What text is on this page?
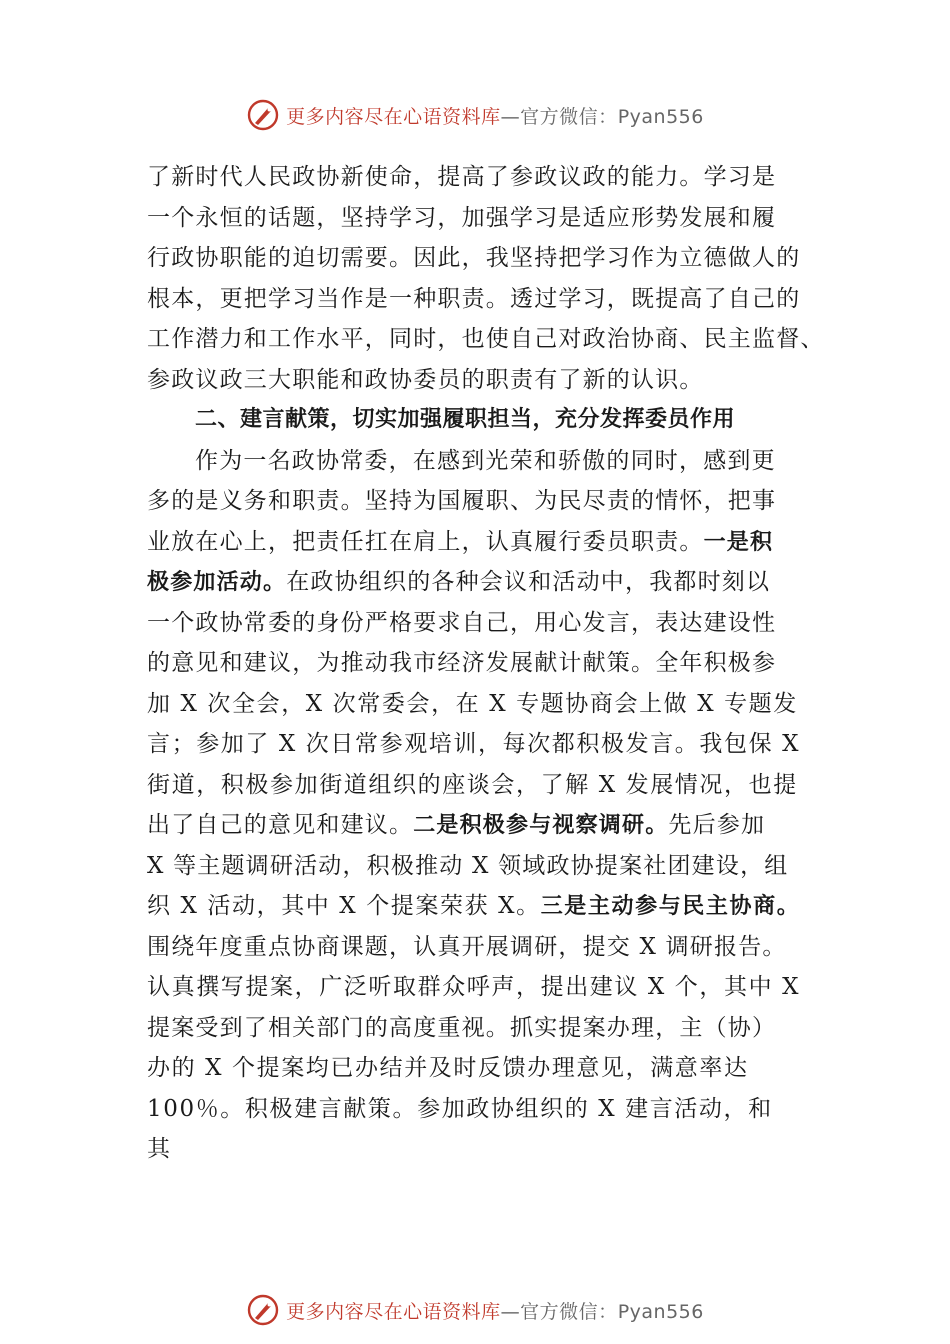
更多内容尽在心语资料库—官方微信：Pyan556
了新时代人民政协新使命，提高了参政议政的能力。学习是
一个永恒的话题，坚持学习，加强学习是适应形势发展和履
行政协职能的迫切需要。因此，我坚持把学习作为立德做人的
根本，更把学习当作是一种职责。透过学习，既提高了自己的
工作潜力和工作水平，同时，也使自己对政治协商、民主监督、
参政议政三大职能和政协委员的职责有了新的认识。
二、建言献策，切实加强履职担当，充分发挥委员作用
作为一名政协常委，在感到光荣和骄傲的同时，感到更
多的是义务和职责。坚持为国履职、为民尽责的情怀，把事
业放在心上，把责任扛在肩上，认真履行委员职责。一是积
极参加活动。在政协组织的各种会议和活动中，我都时刻以
一个政协常委的身份严格要求自己，用心发言，表达建设性
的意见和建议，为推动我市经济发展献计献策。全年积极参
加 X 次全会，X 次常委会，在 X 专题协商会上做 X 专题发
言；参加了 X 次日常参观培训，每次都积极发言。我包保 X
街道，积极参加街道组织的座谈会，了解 X 发展情况，也提
出了自己的意见和建议。二是积极参与视察调研。先后参加
X 等主题调研活动，积极推动 X 领域政协提案社团建设，组
织 X 活动，其中 X 个提案荣获 X。三是主动参与民主协商。
围绕年度重点协商课题，认真开展调研，提交 X 调研报告。
认真撰写提案，广泛听取群众呼声，提出建议 X 个，其中 X
提案受到了相关部门的高度重视。抓实提案办理，主（协）
办的 X 个提案均已办结并及时反馈办理意见，满意率达
100％。积极建言献策。参加政协组织的 X 建言活动，和
其
更多内容尽在心语资料库—官方微信：Pyan556
